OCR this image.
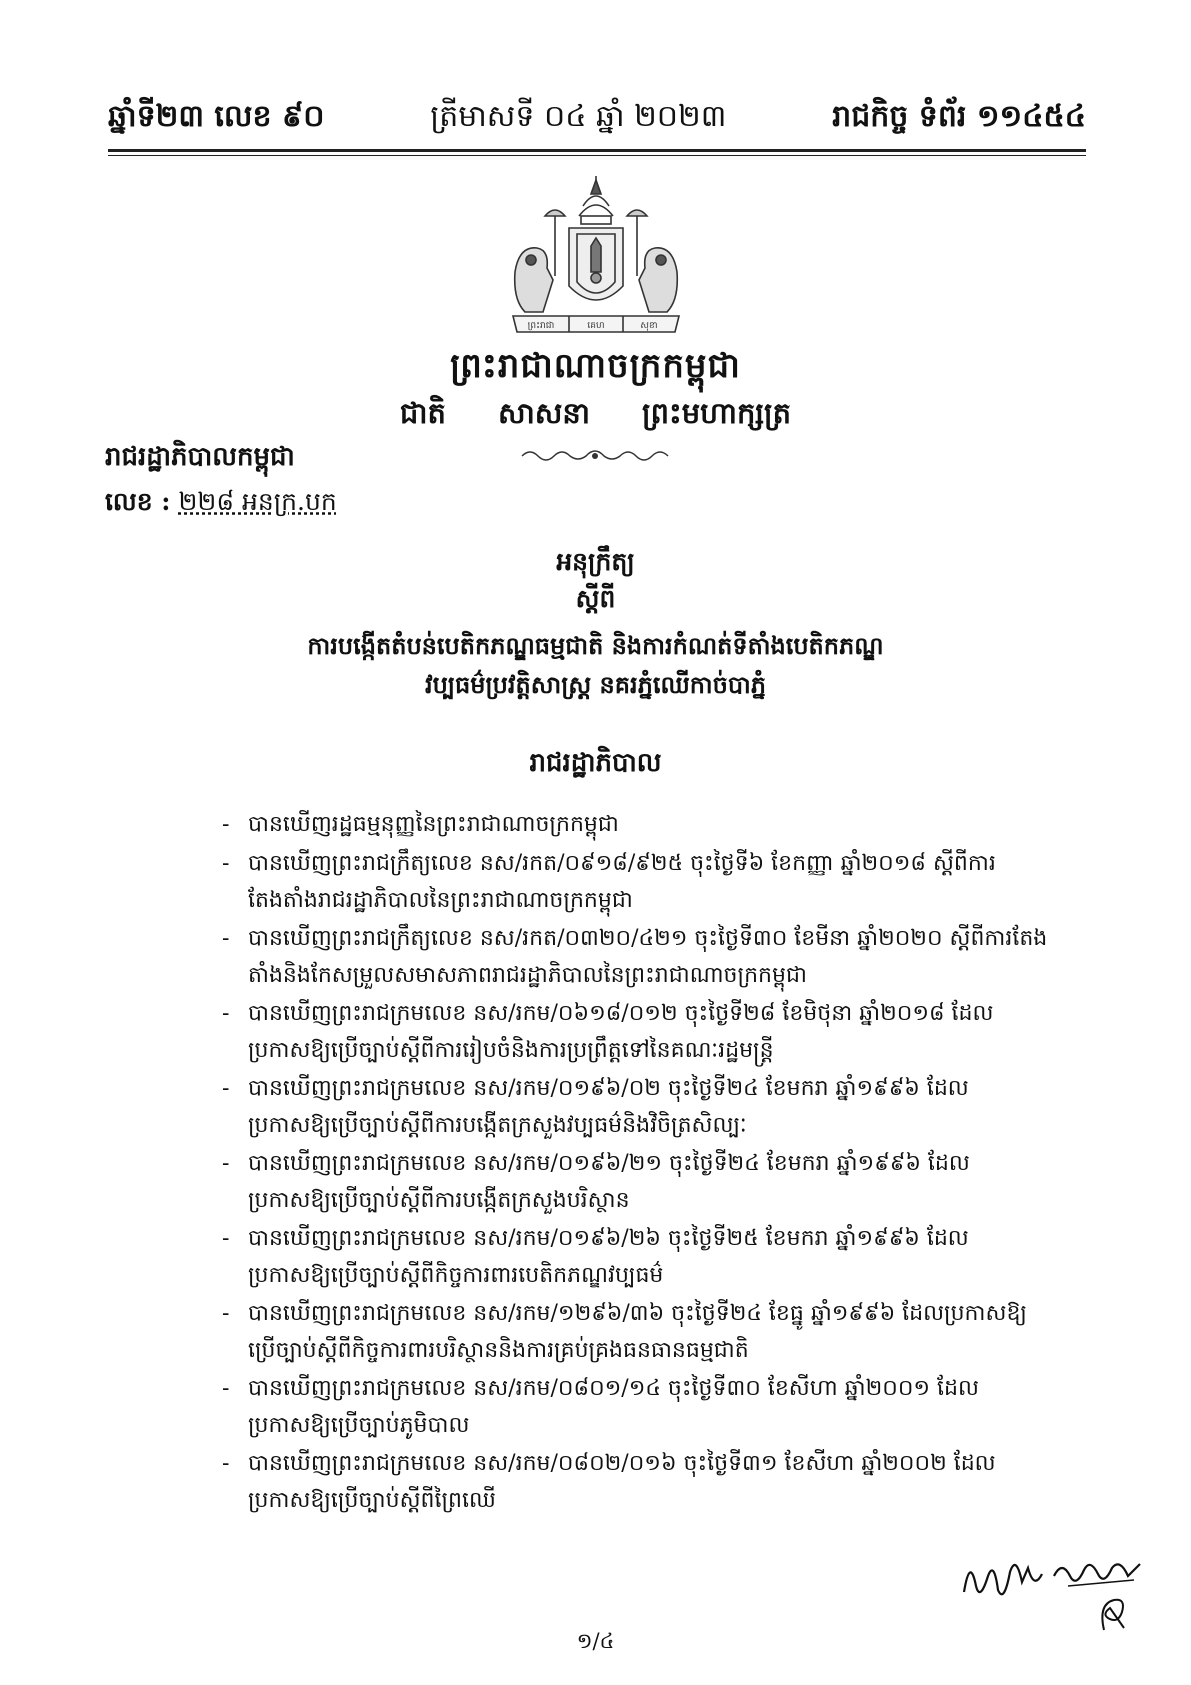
ឆ្នាំទី២៣ លេខ ៩០	ត្រីមាសទី ០៤ ឆ្នាំ ២០២៣	រាជកិច្ច ទំព័រ ១១៤៥៤
ព្រះរាជា	គេហ	សុខា
ព្រះរាជាណាចក្រកម្ពុជា
ជាតិ សាសនា ព្រះមហាក្សត្រ
រាជរដ្ឋាភិបាលកម្ពុជា
លេខ : ២២៨ អនក្រ.បក
អនុក្រឹត្យ
ស្តីពី
ការបង្កើតតំបន់បេតិកភណ្ឌធម្មជាតិ និងការកំណត់ទីតាំងបេតិកភណ្ឌ
វប្បធម៌ប្រវត្តិសាស្ត្រ នគរភ្នំឈើកាច់បាភ្នំ
រាជរដ្ឋាភិបាល
- បានឃើញរដ្ឋធម្មនុញ្ញនៃព្រះរាជាណាចក្រកម្ពុជា
- បានឃើញព្រះរាជក្រឹត្យលេខ នស/រកត/០៩១៨/៩២៥ ចុះថ្ងៃទី៦ ខែកញ្ញា ឆ្នាំ២០១៨ ស្តីពីការតែងតាំងរាជរដ្ឋាភិបាលនៃព្រះរាជាណាចក្រកម្ពុជា
- បានឃើញព្រះរាជក្រឹត្យលេខ នស/រកត/០៣២០/៤២១ ចុះថ្ងៃទី៣០ ខែមីនា ឆ្នាំ២០២០ ស្តីពីការតែងតាំងនិងកែសម្រួលសមាសភាពរាជរដ្ឋាភិបាលនៃព្រះរាជាណាចក្រកម្ពុជា
- បានឃើញព្រះរាជក្រមលេខ នស/រកម/០៦១៨/០១២ ចុះថ្ងៃទី២៨ ខែមិថុនា ឆ្នាំ២០១៨ ដែលប្រកាសឱ្យប្រើច្បាប់ស្តីពីការរៀបចំនិងការប្រព្រឹត្តទៅនៃគណៈរដ្ឋមន្ត្រី
- បានឃើញព្រះរាជក្រមលេខ នស/រកម/០១៩៦/០២ ចុះថ្ងៃទី២៤ ខែមករា ឆ្នាំ១៩៩៦ ដែលប្រកាសឱ្យប្រើច្បាប់ស្តីពីការបង្កើតក្រសួងវប្បធម៌និងវិចិត្រសិល្បៈ
- បានឃើញព្រះរាជក្រមលេខ នស/រកម/០១៩៦/២១ ចុះថ្ងៃទី២៤ ខែមករា ឆ្នាំ១៩៩៦ ដែលប្រកាសឱ្យប្រើច្បាប់ស្តីពីការបង្កើតក្រសួងបរិស្ថាន
- បានឃើញព្រះរាជក្រមលេខ នស/រកម/០១៩៦/២៦ ចុះថ្ងៃទី២៥ ខែមករា ឆ្នាំ១៩៩៦ ដែលប្រកាសឱ្យប្រើច្បាប់ស្តីពីកិច្ចការពារបេតិកភណ្ឌវប្បធម៌
- បានឃើញព្រះរាជក្រមលេខ នស/រកម/១២៩៦/៣៦ ចុះថ្ងៃទី២៤ ខែធ្នូ ឆ្នាំ១៩៩៦ ដែលប្រកាសឱ្យប្រើច្បាប់ស្តីពីកិច្ចការពារបរិស្ថាននិងការគ្រប់គ្រងធនធានធម្មជាតិ
- បានឃើញព្រះរាជក្រមលេខ នស/រកម/០៨០១/១៤ ចុះថ្ងៃទី៣០ ខែសីហា ឆ្នាំ២០០១ ដែលប្រកាសឱ្យប្រើច្បាប់ភូមិបាល
- បានឃើញព្រះរាជក្រមលេខ នស/រកម/០៨០២/០១៦ ចុះថ្ងៃទី៣១ ខែសីហា ឆ្នាំ២០០២ ដែលប្រកាសឱ្យប្រើច្បាប់ស្តីពីព្រៃឈើ
១/៤
